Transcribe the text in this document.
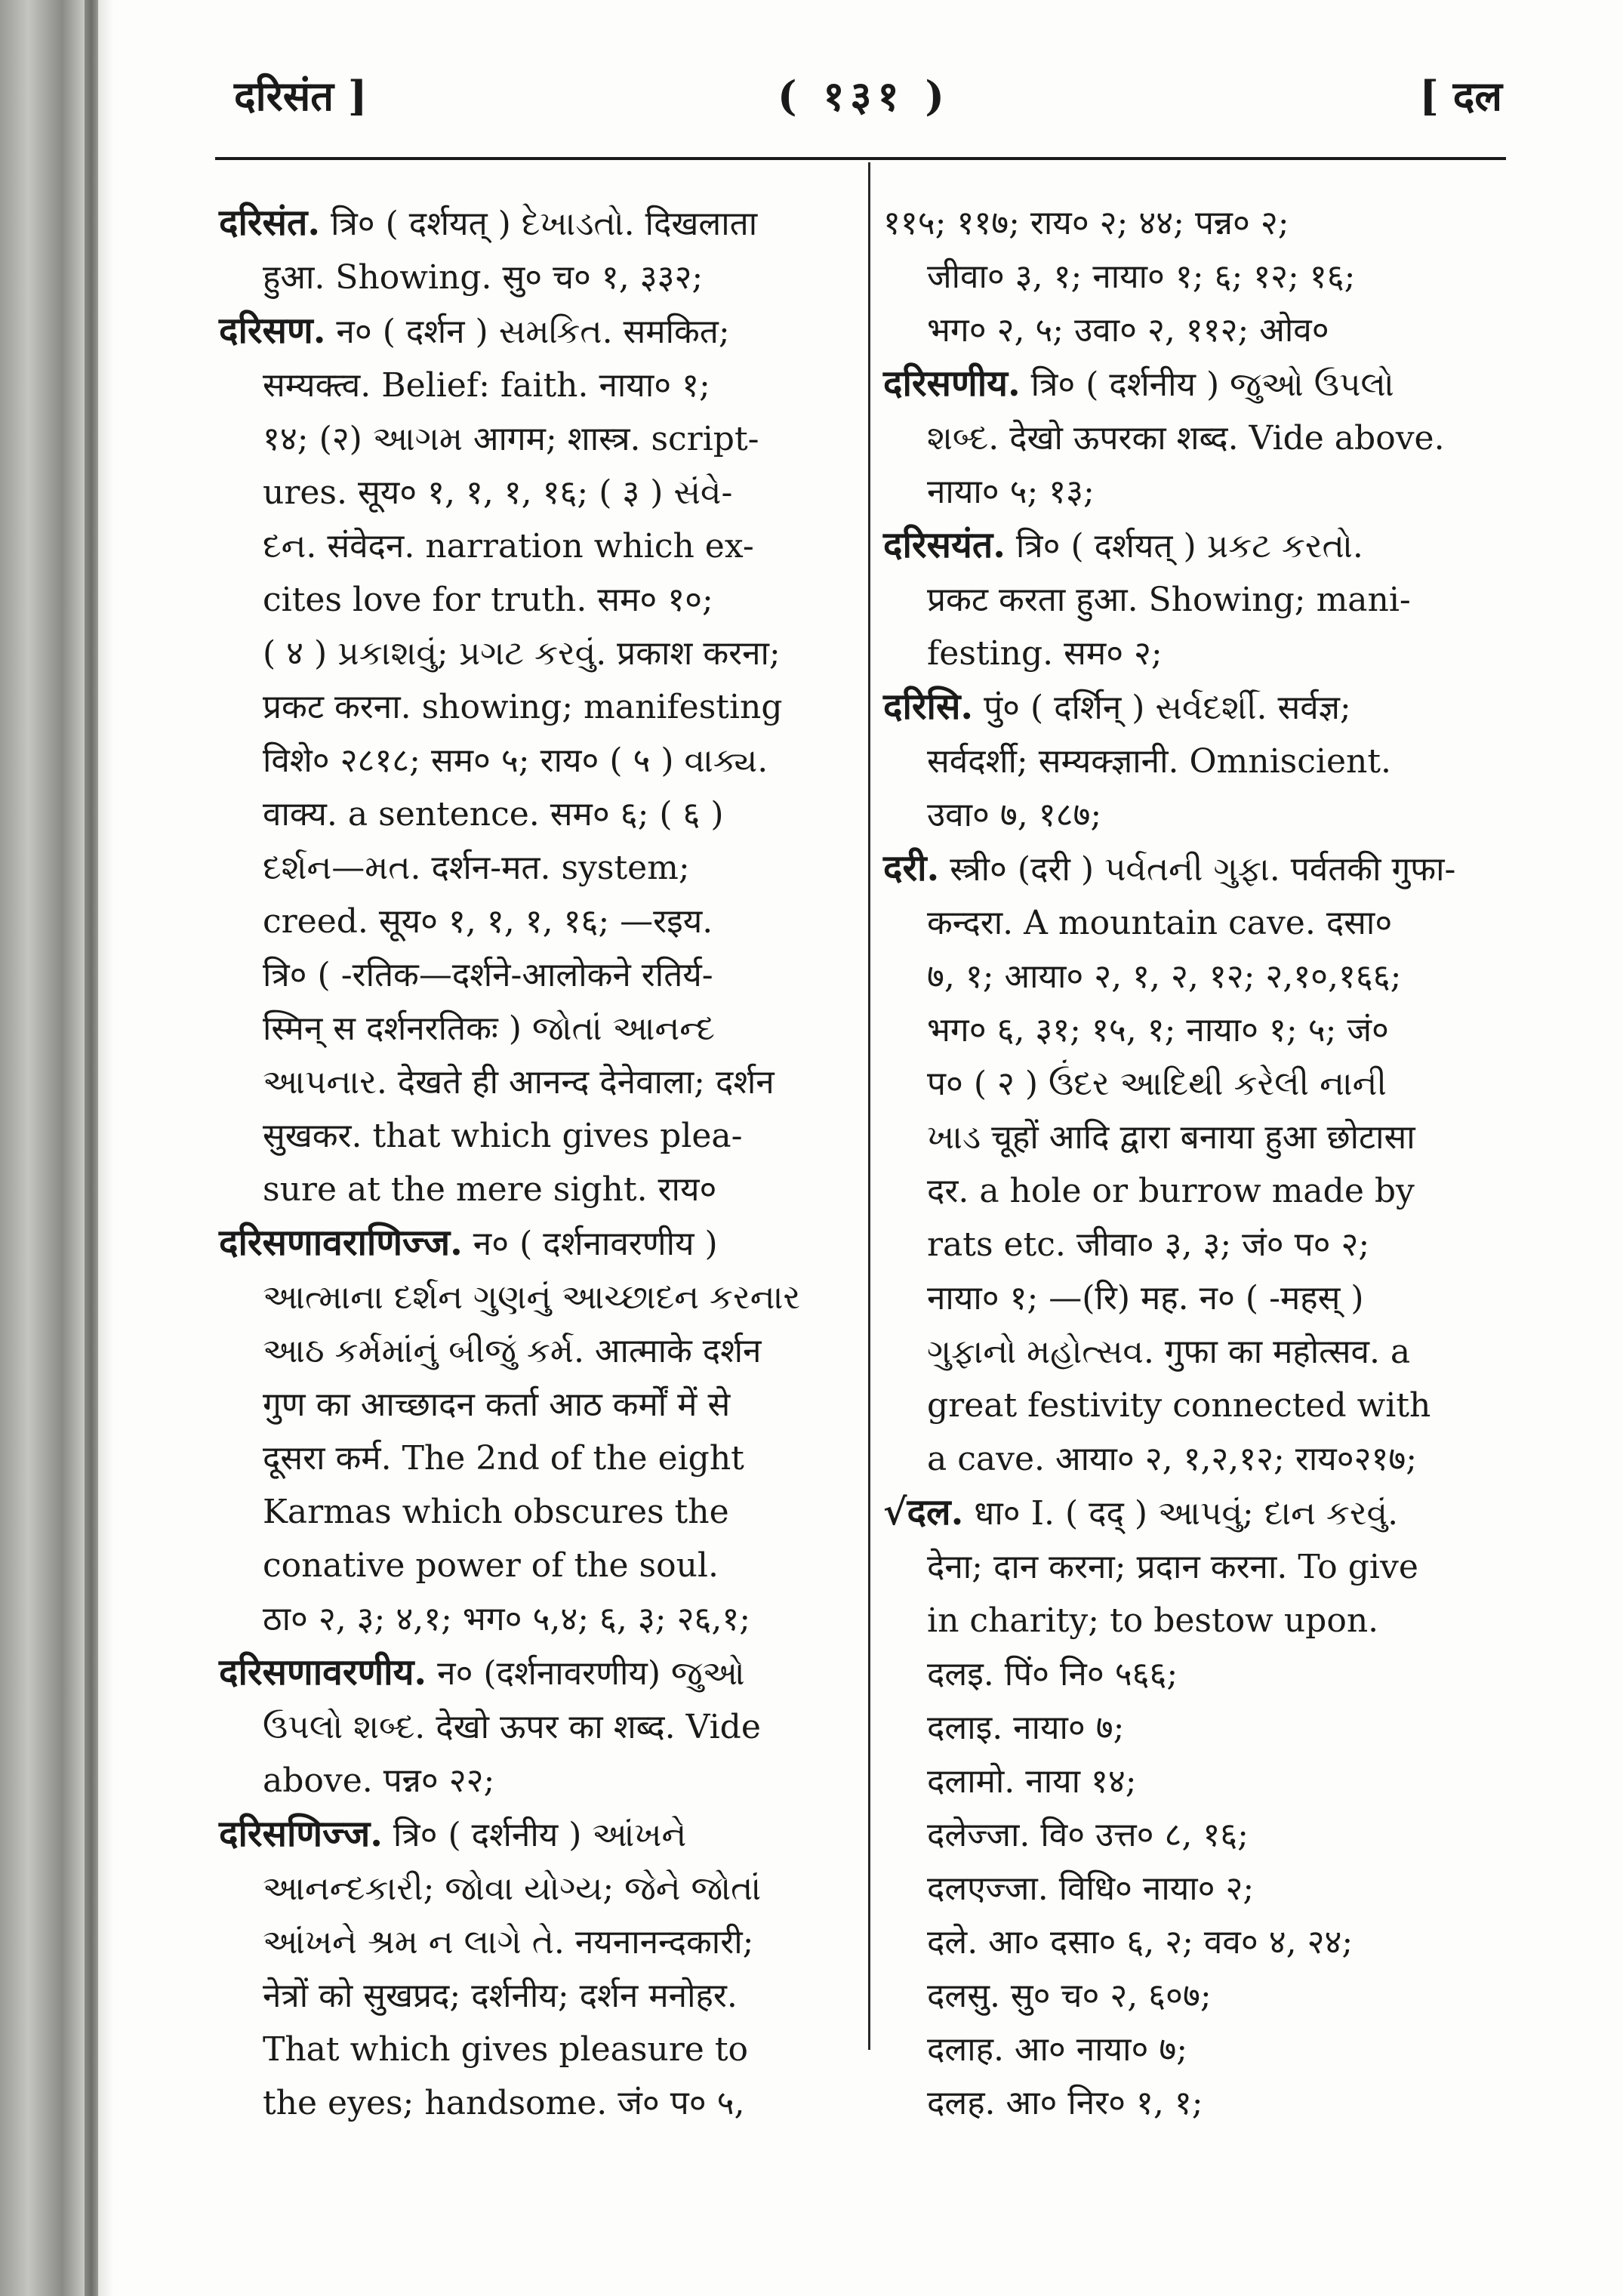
दरिसंत ]	( १३१ )	[ दल
दरिसंत. त्रि० ( दर्शयत् ) દેખાડતો. दिखलाता
हुआ. Showing. सु० च० १, ३३२;
दरिसण. न० ( दर्शन ) સમકિત. समकित;
सम्यक्त्व. Belief: faith. नाया० १;
१४; (२) આગમ आगम; शास्त्र. script-
ures. सूय० १, १, १, १६; ( ३ ) સંવે-
દન. संवेदन. narration which ex-
cites love for truth. सम० १०;
( ४ ) પ્રકાશવું; પ્રગટ કરવું. प्रकाश करना;
प्रकट करना. showing; manifesting
विशे० २८१८; सम० ५; राय० ( ५ ) વાક્ય.
वाक्य. a sentence. सम० ६; ( ६ )
દર્શન—મત. दर्शन-मत. system;
creed. सूय० १, १, १, १६; —रइय.
त्रि० ( -रतिक—दर्शने-आलोकने रतिर्य-
स्मिन् स दर्शनरतिकः ) જોતાં આનન્દ
આપનાર. देखते ही आनन्द देनेवाला; दर्शन
सुखकर. that which gives plea-
sure at the mere sight. राय०
दरिसणावराणिज्ज. न० ( दर्शनावरणीय )
આત્માના દર્શન ગુણનું આચ્છાદન કરનાર
આઠ કર્મમાંનું બીજું કર્મ. आत्माके दर्शन
गुण का आच्छादन कर्ता आठ कर्मों में से
दूसरा कर्म. The 2nd of the eight
Karmas which obscures the
conative power of the soul.
ठा० २, ३; ४,१; भग० ५,४; ६, ३; २६,१;
दरिसणावरणीय. न० (दर्शनावरणीय) જુઓ
ઉપલો શબ્દ. देखो ऊपर का शब्द. Vide
above. पन्न० २२;
दरिसणिज्ज. त्रि० ( दर्शनीय ) આંખને
આનન્દકારી; જોવા યોગ્ય; જેને જોતાં
આંખને શ્રમ ન લાગે તે. नयनानन्दकारी;
नेत्रों को सुखप्रद; दर्शनीय; दर्शन मनोहर.
That which gives pleasure to
the eyes; handsome. जं० प० ५,
११५; ११७; राय० २; ४४; पन्न० २;
जीवा० ३, १; नाया० १; ६; १२; १६;
भग० २, ५; उवा० २, ११२; ओव०
दरिसणीय. त्रि० ( दर्शनीय ) જુઓ ઉપલો
શબ્દ. देखो ऊपरका शब्द. Vide above.
नाया० ५; १३;
दरिसयंत. त्रि० ( दर्शयत् ) પ્રકટ કરતો.
प्रकट करता हुआ. Showing; mani-
festing. सम० २;
दरिसि. पुं० ( दर्शिन् ) સર્વદર્શી. सर्वज्ञ;
सर्वदर्शी; सम्यक्ज्ञानी. Omniscient.
उवा० ७, १८७;
दरी. स्त्री० (दरी ) પર્વતની ગુફા. पर्वतकी गुफा-
कन्दरा. A mountain cave. दसा०
७, १; आया० २, १, २, १२; २,१०,१६६;
भग० ६, ३१; १५, १; नाया० १; ५; जं०
प० ( २ ) ઉંદર આદિથી કરેલી નાની
ખાડ चूहों आदि द्वारा बनाया हुआ छोटासा
दर. a hole or burrow made by
rats etc. जीवा० ३, ३; जं० प० २;
नाया० १; —(रि) मह. न० ( -महस् )
ગુફાનો મહોત્સવ. गुफा का महोत्सव. a
great festivity connected with
a cave. आया० २, १,२,१२; राय०२१७;
√दल. धा० I. ( दद् ) આપવું; દાન કરવું.
देना; दान करना; प्रदान करना. To give
in charity; to bestow upon.
दलइ. पिं० नि० ५६६;
दलाइ. नाया० ७;
दलामो. नाया १४;
दलेज्जा. वि० उत्त० ८, १६;
दलएज्जा. विधि० नाया० २;
दले. आ० दसा० ६, २; वव० ४, २४;
दलसु. सु० च० २, ६०७;
दलाह. आ० नाया० ७;
दलह. आ० निर० १, १;
